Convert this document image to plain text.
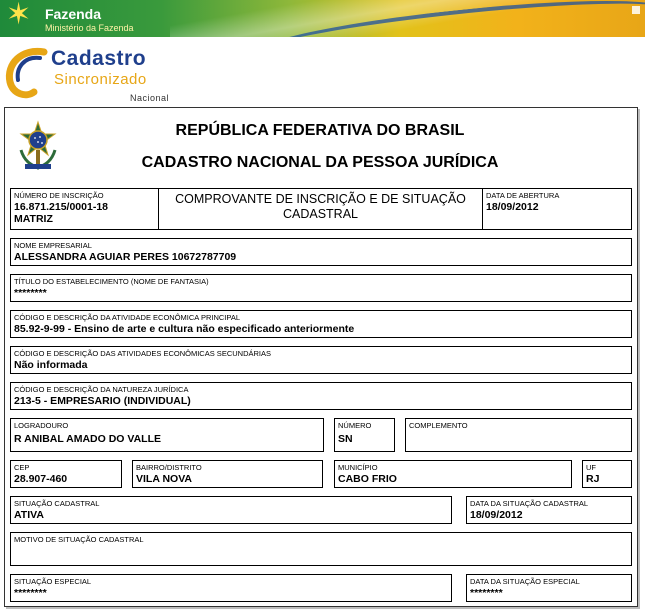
✶ Fazenda
Ministério da Fazenda
Cadastro
Sincronizado
Nacional
REPÚBLICA FEDERATIVA DO BRASIL
CADASTRO NACIONAL DA PESSOA JURÍDICA
NÚMERO DE INSCRIÇÃO
16.871.215/0001-18
MATRIZ
COMPROVANTE DE INSCRIÇÃO E DE SITUAÇÃO
CADASTRAL
DATA DE ABERTURA
18/09/2012
NOME EMPRESARIAL
ALESSANDRA AGUIAR PERES 10672787709
TÍTULO DO ESTABELECIMENTO (NOME DE FANTASIA)
********
CÓDIGO E DESCRIÇÃO DA ATIVIDADE ECONÔMICA PRINCIPAL
85.92-9-99 - Ensino de arte e cultura não especificado anteriormente
CÓDIGO E DESCRIÇÃO DAS ATIVIDADES ECONÔMICAS SECUNDÁRIAS
Não informada
CÓDIGO E DESCRIÇÃO DA NATUREZA JURÍDICA
213-5 - EMPRESARIO (INDIVIDUAL)
LOGRADOURO
R ANIBAL AMADO DO VALLE
NÚMERO
SN
COMPLEMENTO
CEP
28.907-460
BAIRRO/DISTRITO
VILA NOVA
MUNICÍPIO
CABO FRIO
UF
RJ
SITUAÇÃO CADASTRAL
ATIVA
DATA DA SITUAÇÃO CADASTRAL
18/09/2012
MOTIVO DE SITUAÇÃO CADASTRAL
SITUAÇÃO ESPECIAL
********
DATA DA SITUAÇÃO ESPECIAL
********
